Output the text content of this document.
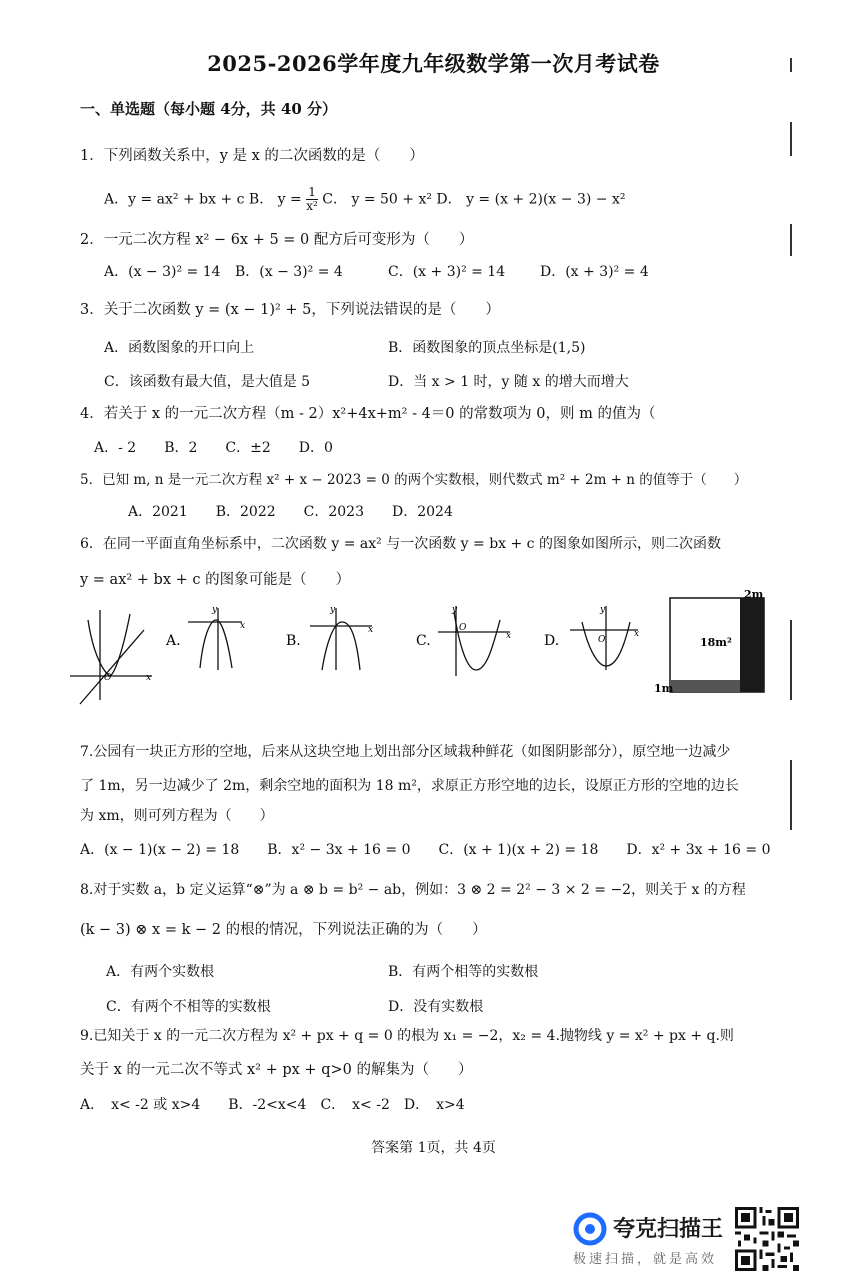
2025-2026学年度九年级数学第一次月考试卷
一、单选题（每小题 4分，共 40 分）
1．下列函数关系中，y 是 x 的二次函数的是（　　）
A．y = ax² + bx + c B． $y = \frac{1}{\text{x²}}$ C． y = 50 + x² D． y = (x + 2)(x − 3) − x²
2．一元二次方程 x² − 6x + 5 = 0 配方后可变形为（　　）
A．(x − 3)² = 14 B．(x − 3)² = 4	C．(x + 3)² = 14 D．(x + 3)² = 4
3．关于二次函数 y = (x − 1)² + 5，下列说法错误的是（　　）
A．函数图象的开口向上	B．函数图象的顶点坐标是(1,5)
C．该函数有最大值，是大值是 5	D．当 x > 1 时，y 随 x 的增大而增大
4．若关于 x 的一元二次方程（m - 2）x²+4x+m² - 4＝0 的常数项为 0，则 m 的值为（
A．- 2　　B．2　　C．±2　　D．0
5．已知 m, n 是一元二次方程 x² + x − 2023 = 0 的两个实数根，则代数式 m² + 2m + n 的值等于（　　）
A．2021　　B．2022　　C．2023　　D．2024
6．在同一平面直角坐标系中，二次函数 y = ax² 与一次函数 y = bx + c 的图象如图所示，则二次函数
y = ax² + bx + c 的图象可能是（　　）
x
O
A.
y
x
B.
y
x
C.
y
O
x D.
y
O
x
2m
18m²
1m
7.公园有一块正方形的空地，后来从这块空地上划出部分区域栽种鲜花（如图阴影部分），原空地一边减少
了 1m，另一边减少了 2m，剩余空地的面积为 18 m²，求原正方形空地的边长，设原正方形的空地的边长
为 xm，则可列方程为（　　）
A．(x − 1)(x − 2) = 18　　B．x² − 3x + 16 = 0　　C．(x + 1)(x + 2) = 18　　D．x² + 3x + 16 = 0
8.对于实数 a，b 定义运算“⊗”为 a ⊗ b = b² − ab，例如：3 ⊗ 2 = 2² − 3 × 2 = −2，则关于 x 的方程
(k − 3) ⊗ x = k − 2 的根的情况，下列说法正确的为（　　）
A．有两个实数根	B．有两个相等的实数根
C．有两个不相等的实数根	D．没有实数根
9.已知关于 x 的一元二次方程为 x² + px + q = 0 的根为 x₁ = −2，x₂ = 4.抛物线 y = x² + px + q.则
关于 x 的一元二次不等式 x² + px + q>0 的解集为（　　）
A．　x< -2 或 x>4　　B．-2<x<4　C．　x< -2　D．　x>4
答案第 1页，共 4页
夸克扫描王
极速扫描，就是高效
